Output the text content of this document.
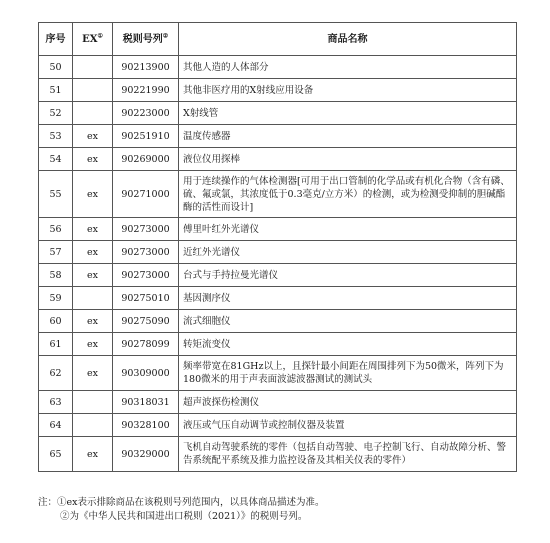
序号	EX①	税则号列②	商品名称
50		90213900	其他人造的人体部分
51		90221990	其他非医疗用的X射线应用设备
52		90223000	X射线管
53	ex	90251910	温度传感器
54	ex	90269000	液位仪用探棒
55	ex	90271000	用于连续操作的气体检测器[可用于出口管制的化学品或有机化合物（含有磷、硫、氟或氯，其浓度低于0.3毫克/立方米）的检测，或为检测受抑制的胆碱酯酶的活性而设计]
56	ex	90273000	傅里叶红外光谱仪
57	ex	90273000	近红外光谱仪
58	ex	90273000	台式与手持拉曼光谱仪
59		90275010	基因测序仪
60	ex	90275090	流式细胞仪
61	ex	90278099	转矩流变仪
62	ex	90309000	频率带宽在81GHz以上，且探针最小间距在周围排列下为50微米，阵列下为180微米的用于声表面波滤波器测试的测试头
63		90318031	超声波探伤检测仪
64		90328100	液压或气压自动调节或控制仪器及装置
65	ex	90329000	飞机自动驾驶系统的零件（包括自动驾驶、电子控制飞行、自动故障分析、警告系统配平系统及推力监控设备及其相关仪表的零件）
注：①ex表示排除商品在该税则号列范围内，以具体商品描述为准。
②为《中华人民共和国进出口税则（2021）》的税则号列。
